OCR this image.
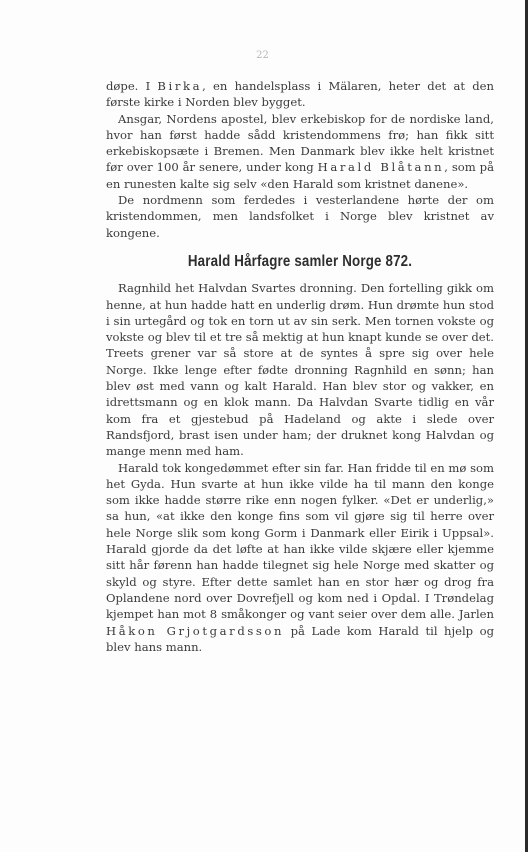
22

døpe. I Birka, en handelsplass i Mälaren, heter det at den første kirke i Norden blev bygget.

Ansgar, Nordens apostel, blev erkebiskop for de nordiske land, hvor han først hadde sådd kristendommens frø; han fikk sitt erkebiskopsæte i Bremen. Men Danmark blev ikke helt kristnet før over 100 år senere, under kong Harald Blåtann, som på en runesten kalte sig selv «den Harald som kristnet danene».

De nordmenn som ferdedes i vesterlandene hørte der om kristendommen, men landsfolket i Norge blev kristnet av kongene.

Harald Hårfagre samler Norge 872.

Ragnhild het Halvdan Svartes dronning. Den fortelling gikk om henne, at hun hadde hatt en underlig drøm. Hun drømte hun stod i sin urtegård og tok en torn ut av sin serk. Men tornen vokste og vokste og blev til et tre så mektig at hun knapt kunde se over det. Treets grener var så store at de syntes å spre sig over hele Norge. Ikke lenge efter fødte dronning Ragnhild en sønn; han blev øst med vann og kalt Harald. Han blev stor og vakker, en idrettsmann og en klok mann. Da Halvdan Svarte tidlig en vår kom fra et gjestebud på Hadeland og akte i slede over Randsfjord, brast isen under ham; der druknet kong Halvdan og mange menn med ham.

Harald tok kongedømmet efter sin far. Han fridde til en mø som het Gyda. Hun svarte at hun ikke vilde ha til mann den konge som ikke hadde større rike enn nogen fylker. «Det er underlig,» sa hun, «at ikke den konge fins som vil gjøre sig til herre over hele Norge slik som kong Gorm i Danmark eller Eirik i Uppsal». Harald gjorde da det løfte at han ikke vilde skjære eller kjemme sitt hår førenn han hadde tilegnet sig hele Norge med skatter og skyld og styre. Efter dette samlet han en stor hær og drog fra Oplandene nord over Dovrefjell og kom ned i Opdal. I Trøndelag kjempet han mot 8 småkonger og vant seier over dem alle. Jarlen Håkon Grjotgardsson på Lade kom Harald til hjelp og blev hans mann.
